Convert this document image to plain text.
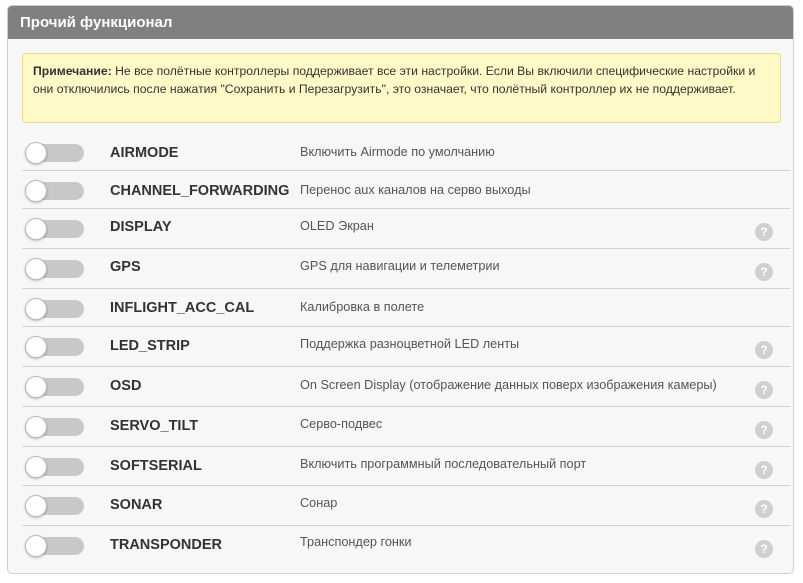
Прочий функционал
Примечание: Не все полётные контроллеры поддерживает все эти настройки. Если Вы включили специфические настройки и они отключились после нажатия "Сохранить и Перезагрузить", это означает, что полётный контроллер их не поддерживает.
AIRMODE	Включить Airmode по умолчанию
CHANNEL_FORWARDING Перенос aux каналов на серво выходы
DISPLAY	OLED Экран	?
GPS	GPS для навигации и телеметрии	?
INFLIGHT_ACC_CAL	Калибровка в полете
LED_STRIP	Поддержка разноцветной LED ленты	?
OSD	On Screen Display (отображение данных поверх изображения камеры)	?
SERVO_TILT	Серво-подвес	?
SOFTSERIAL	Включить программный последовательный порт	?
SONAR	Сонар	?
TRANSPONDER	Транспондер гонки	?
